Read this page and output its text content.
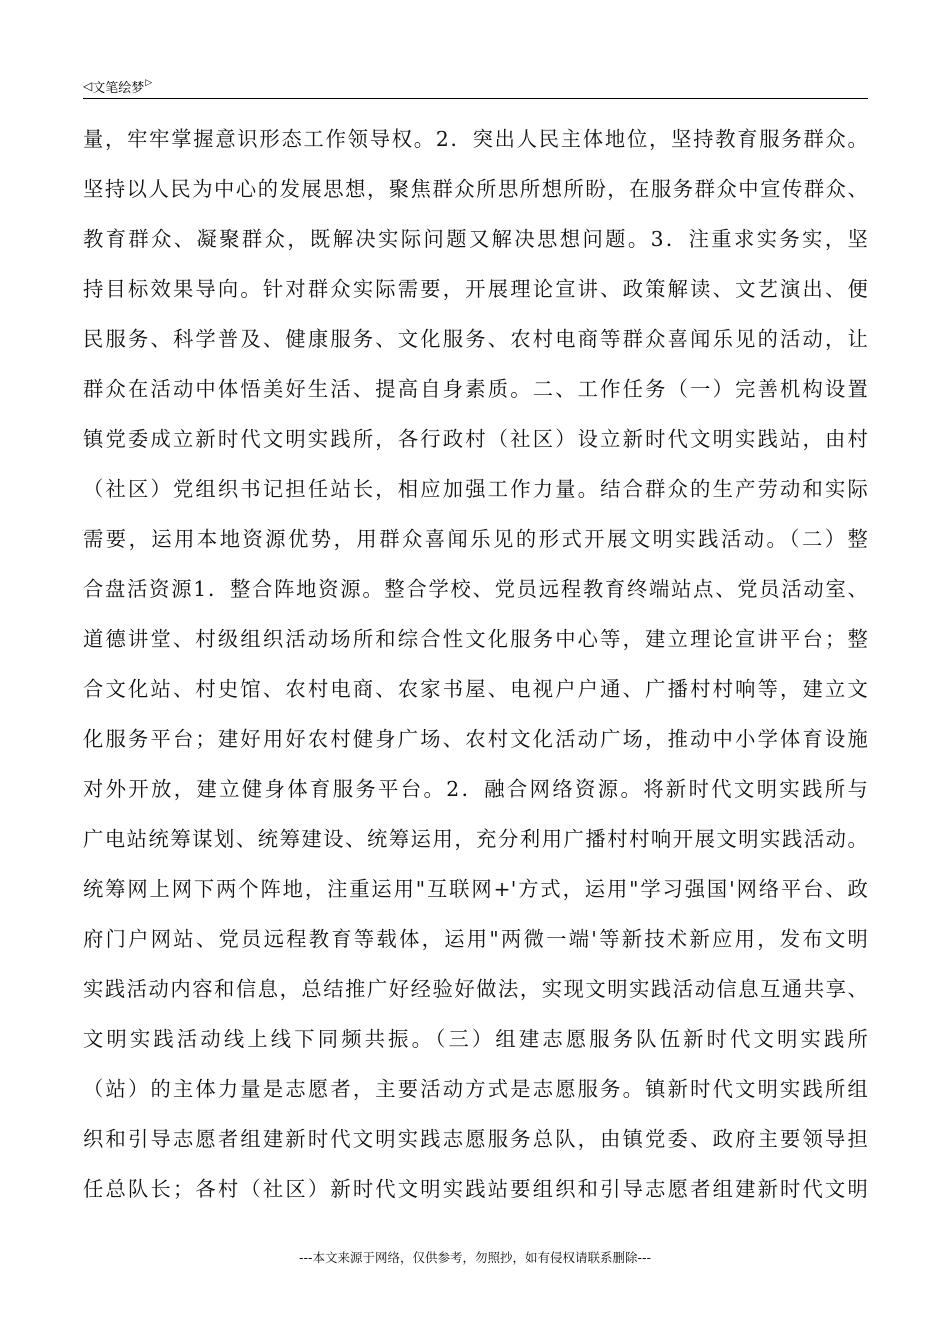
◁ 文笔绘梦 ▷
量，牢牢掌握意识形态工作领导权。2．突出人民主体地位，坚持教育服务群众。
坚持以人民为中心的发展思想，聚焦群众所思所想所盼，在服务群众中宣传群众、
教育群众、凝聚群众，既解决实际问题又解决思想问题。3．注重求实务实，坚
持目标效果导向。针对群众实际需要，开展理论宣讲、政策解读、文艺演出、便
民服务、科学普及、健康服务、文化服务、农村电商等群众喜闻乐见的活动，让
群众在活动中体悟美好生活、提高自身素质。二、工作任务（一）完善机构设置
镇党委成立新时代文明实践所，各行政村（社区）设立新时代文明实践站，由村
（社区）党组织书记担任站长，相应加强工作力量。结合群众的生产劳动和实际
需要，运用本地资源优势，用群众喜闻乐见的形式开展文明实践活动。（二）整
合盘活资源1．整合阵地资源。整合学校、党员远程教育终端站点、党员活动室、
道德讲堂、村级组织活动场所和综合性文化服务中心等，建立理论宣讲平台；整
合文化站、村史馆、农村电商、农家书屋、电视户户通、广播村村响等，建立文
化服务平台；建好用好农村健身广场、农村文化活动广场，推动中小学体育设施
对外开放，建立健身体育服务平台。2．融合网络资源。将新时代文明实践所与
广电站统筹谋划、统筹建设、统筹运用，充分利用广播村村响开展文明实践活动。
统筹网上网下两个阵地，注重运用"互联网+'方式，运用"学习强国'网络平台、政
府门户网站、党员远程教育等载体，运用"两微一端'等新技术新应用，发布文明
实践活动内容和信息，总结推广好经验好做法，实现文明实践活动信息互通共享、
文明实践活动线上线下同频共振。（三）组建志愿服务队伍新时代文明实践所
（站）的主体力量是志愿者，主要活动方式是志愿服务。镇新时代文明实践所组
织和引导志愿者组建新时代文明实践志愿服务总队，由镇党委、政府主要领导担
任总队长；各村（社区）新时代文明实践站要组织和引导志愿者组建新时代文明
---本文来源于网络，仅供参考，勿照抄，如有侵权请联系删除---
